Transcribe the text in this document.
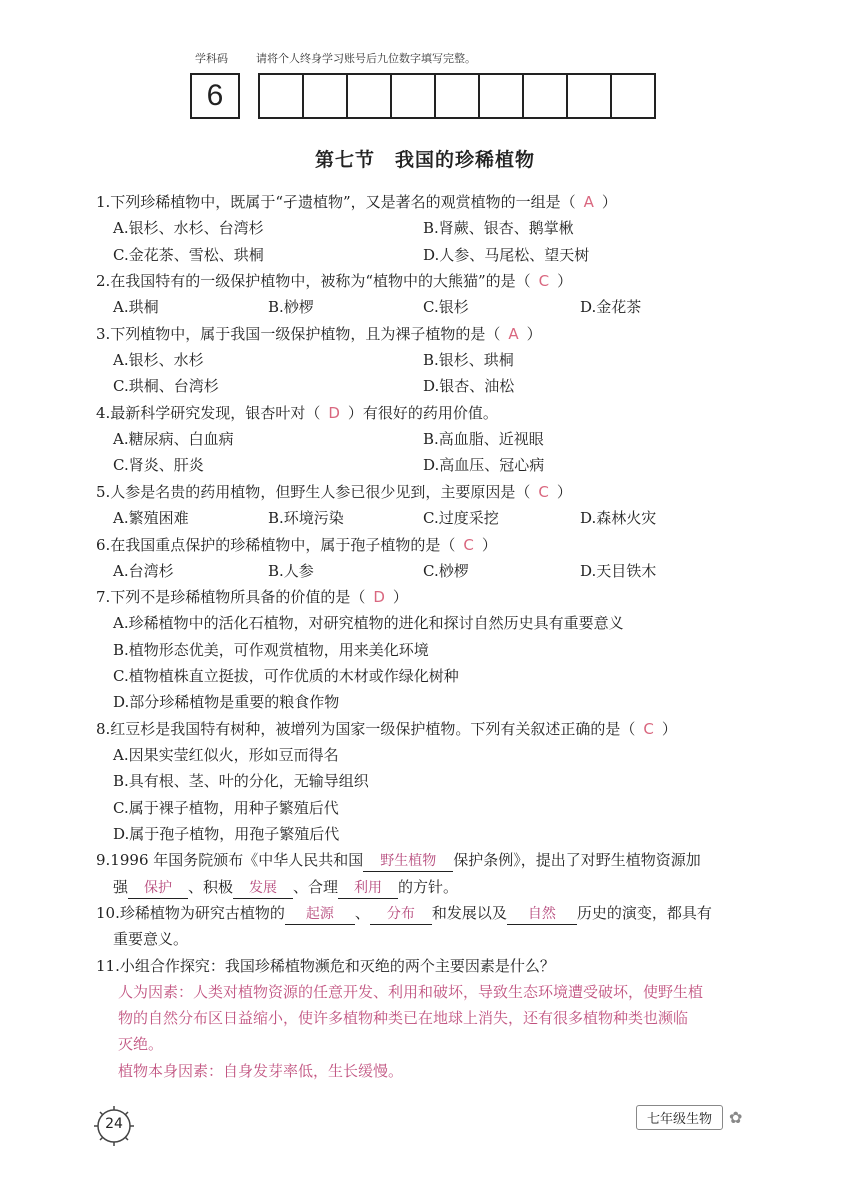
学科码	请将个人终身学习账号后九位数字填写完整。
6
第七节　我国的珍稀植物
1.下列珍稀植物中，既属于“孑遗植物”，又是著名的观赏植物的一组是（ A ）
A.银杉、水杉、台湾杉	B.肾蕨、银杏、鹅掌楸
C.金花茶、雪松、珙桐	D.人参、马尾松、望天树
2.在我国特有的一级保护植物中，被称为“植物中的大熊猫”的是（ C ）
A.珙桐	B.桫椤	C.银杉	D.金花茶
3.下列植物中，属于我国一级保护植物，且为裸子植物的是（ A ）
A.银杉、水杉	B.银杉、珙桐
C.珙桐、台湾杉	D.银杏、油松
4.最新科学研究发现，银杏叶对（ D ）有很好的药用价值。
A.糖尿病、白血病	B.高血脂、近视眼
C.肾炎、肝炎	D.高血压、冠心病
5.人参是名贵的药用植物，但野生人参已很少见到，主要原因是（ C ）
A.繁殖困难	B.环境污染	C.过度采挖	D.森林火灾
6.在我国重点保护的珍稀植物中，属于孢子植物的是（ C ）
A.台湾杉	B.人参	C.桫椤	D.天目铁木
7.下列不是珍稀植物所具备的价值的是（ D ）
A.珍稀植物中的活化石植物，对研究植物的进化和探讨自然历史具有重要意义
B.植物形态优美，可作观赏植物，用来美化环境
C.植物植株直立挺拔，可作优质的木材或作绿化树种
D.部分珍稀植物是重要的粮食作物
8.红豆杉是我国特有树种，被增列为国家一级保护植物。下列有关叙述正确的是（ C ）
A.因果实莹红似火，形如豆而得名
B.具有根、茎、叶的分化，无输导组织
C.属于裸子植物，用种子繁殖后代
D.属于孢子植物，用孢子繁殖后代
9.1996 年国务院颁布《中华人民共和国 野生植物 保护条例》，提出了对野生植物资源加
强 保护 、积极 发展 、合理 利用 的方针。
10.珍稀植物为研究古植物的 起源 、 分布 和发展以及 自然 历史的演变，都具有
重要意义。
11.小组合作探究：我国珍稀植物濒危和灭绝的两个主要因素是什么？
人为因素：人类对植物资源的任意开发、利用和破坏，导致生态环境遭受破坏，使野生植
物的自然分布区日益缩小，使许多植物种类已在地球上消失，还有很多植物种类也濒临
灭绝。
植物本身因素：自身发芽率低，生长缓慢。
24	七年级生物	✿
